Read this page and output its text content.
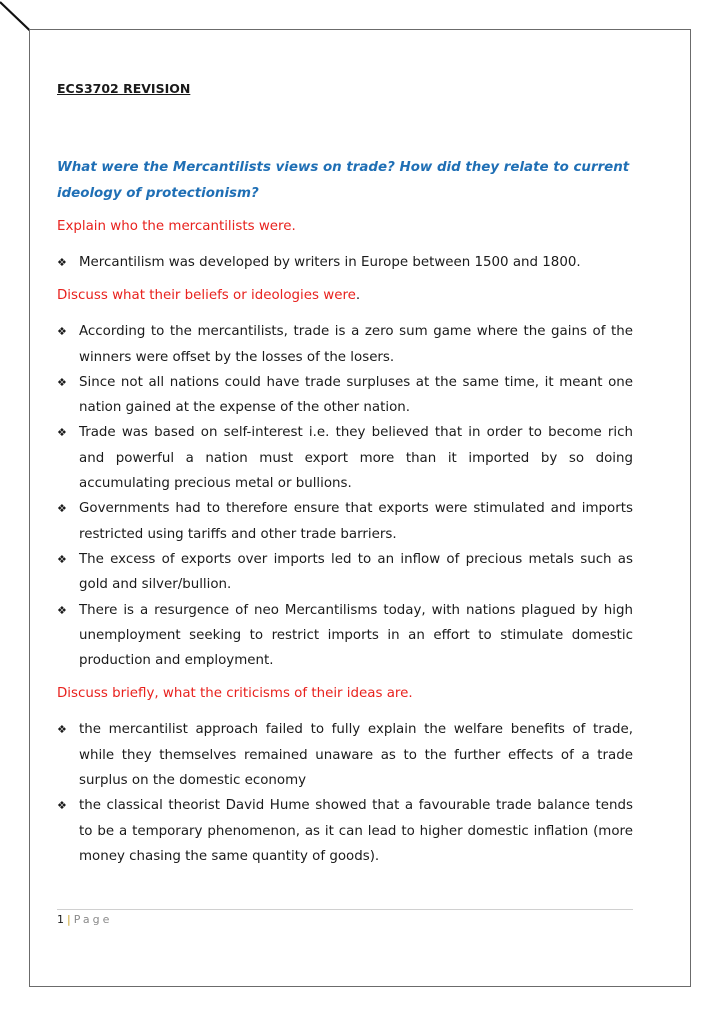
ECS3702 REVISION
What were the Mercantilists views on trade? How did they relate to current ideology of protectionism?
Explain who the mercantilists were.
❖ Mercantilism was developed by writers in Europe between 1500 and 1800.
Discuss what their beliefs or ideologies were.
❖ According to the mercantilists, trade is a zero sum game where the gains of the winners were offset by the losses of the losers.
❖ Since not all nations could have trade surpluses at the same time, it meant one nation gained at the expense of the other nation.
❖ Trade was based on self-interest i.e. they believed that in order to become rich and powerful a nation must export more than it imported by so doing accumulating precious metal or bullions.
❖ Governments had to therefore ensure that exports were stimulated and imports restricted using tariffs and other trade barriers.
❖ The excess of exports over imports led to an inflow of precious metals such as gold and silver/bullion.
❖ There is a resurgence of neo Mercantilisms today, with nations plagued by high unemployment seeking to restrict imports in an effort to stimulate domestic production and employment.
Discuss briefly, what the criticisms of their ideas are.
❖ the mercantilist approach failed to fully explain the welfare benefits of trade, while they themselves remained unaware as to the further effects of a trade surplus on the domestic economy
❖ the classical theorist David Hume showed that a favourable trade balance tends to be a temporary phenomenon, as it can lead to higher domestic inflation (more money chasing the same quantity of goods).
1 | Page
